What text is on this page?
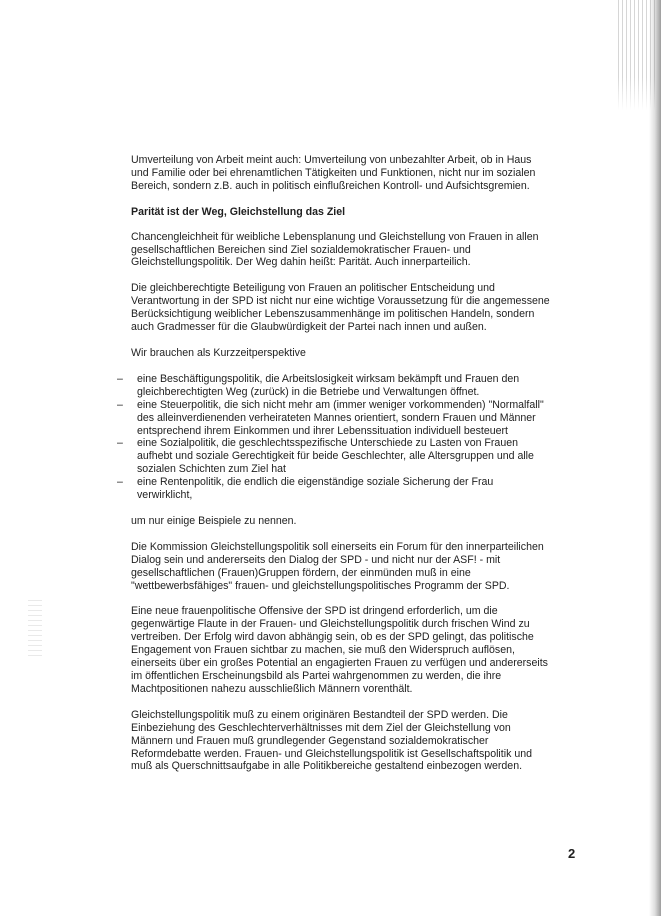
Umverteilung von Arbeit meint auch: Umverteilung von unbezahlter Arbeit, ob in Haus und Familie oder bei ehrenamtlichen Tätigkeiten und Funktionen, nicht nur im sozialen Bereich, sondern z.B. auch in politisch einflußreichen Kontroll- und Aufsichtsgremien.

Parität ist der Weg, Gleichstellung das Ziel

Chancengleichheit für weibliche Lebensplanung und Gleichstellung von Frauen in allen gesellschaftlichen Bereichen sind Ziel sozialdemokratischer Frauen- und Gleichstellungspolitik. Der Weg dahin heißt: Parität. Auch innerparteilich.

Die gleichberechtigte Beteiligung von Frauen an politischer Entscheidung und Verantwortung in der SPD ist nicht nur eine wichtige Voraussetzung für die angemessene Berücksichtigung weiblicher Lebenszusammenhänge im politischen Handeln, sondern auch Gradmesser für die Glaubwürdigkeit der Partei nach innen und außen.

Wir brauchen als Kurzzeitperspektive

– eine Beschäftigungspolitik, die Arbeitslosigkeit wirksam bekämpft und Frauen den gleichberechtigten Weg (zurück) in die Betriebe und Verwaltungen öffnet.
– eine Steuerpolitik, die sich nicht mehr am (immer weniger vorkommenden) "Normalfall" des alleinverdienenden verheirateten Mannes orientiert, sondern Frauen und Männer entsprechend ihrem Einkommen und ihrer Lebenssituation individuell besteuert
– eine Sozialpolitik, die geschlechtsspezifische Unterschiede zu Lasten von Frauen aufhebt und soziale Gerechtigkeit für beide Geschlechter, alle Altersgruppen und alle sozialen Schichten zum Ziel hat
– eine Rentenpolitik, die endlich die eigenständige soziale Sicherung der Frau verwirklicht,

um nur einige Beispiele zu nennen.

Die Kommission Gleichstellungspolitik soll einerseits ein Forum für den innerparteilichen Dialog sein und andererseits den Dialog der SPD - und nicht nur der ASF! - mit gesellschaftlichen (Frauen)Gruppen fördern, der einmünden muß in eine "wettbewerbsfähiges" frauen- und gleichstellungspolitisches Programm der SPD.

Eine neue frauenpolitische Offensive der SPD ist dringend erforderlich, um die gegenwärtige Flaute in der Frauen- und Gleichstellungspolitik durch frischen Wind zu vertreiben. Der Erfolg wird davon abhängig sein, ob es der SPD gelingt, das politische Engagement von Frauen sichtbar zu machen, sie muß den Widerspruch auflösen, einerseits über ein großes Potential an engagierten Frauen zu verfügen und andererseits im öffentlichen Erscheinungsbild als Partei wahrgenommen zu werden, die ihre Machtpositionen nahezu ausschließlich Männern vorenthält.

Gleichstellungspolitik muß zu einem originären Bestandteil der SPD werden. Die Einbeziehung des Geschlechterverhältnisses mit dem Ziel der Gleichstellung von Männern und Frauen muß grundlegender Gegenstand sozialdemokratischer Reformdebatte werden. Frauen- und Gleichstellungspolitik ist Gesellschaftspolitik und muß als Querschnittsaufgabe in alle Politikbereiche gestaltend einbezogen werden.

2
